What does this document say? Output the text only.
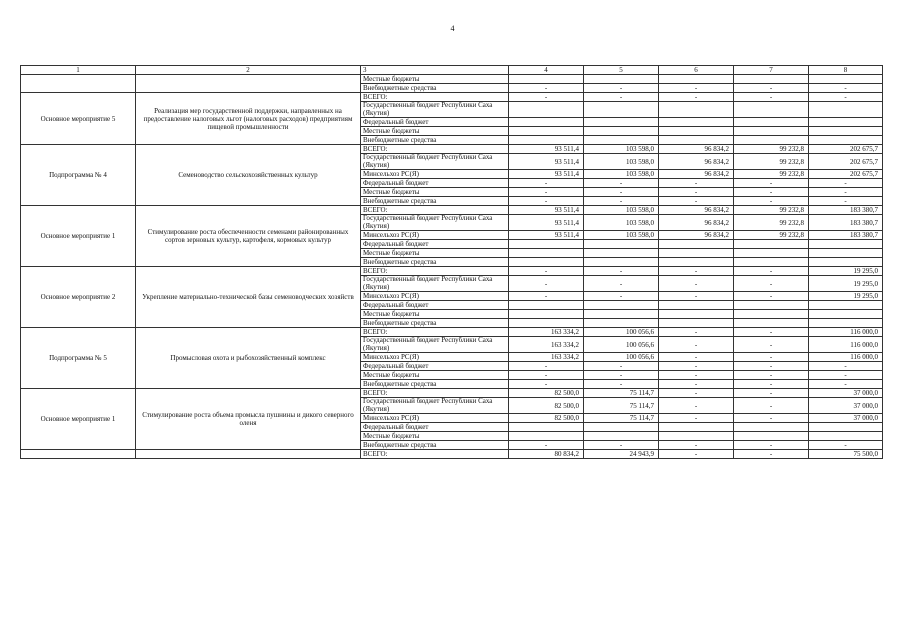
4
1	2	3	4	5	6	7	8
		Местные бюджеты					
		Внебюджетные средства	-	-	-	-	-
Основное мероприятие 5	Реализация мер государственной поддержки, направленных на предоставление налоговых льгот (налоговых расходов) предприятиям пищевой промышленности	ВСЕГО:	-	-	-	-	-
		Государственный бюджет Республики Саха (Якутия)					
		Федеральный бюджет					
		Местные бюджеты					
		Внебюджетные средства					
Подпрограмма № 4	Семеноводство сельскохозяйственных культур	ВСЕГО:	93 511,4	103 598,0	96 834,2	99 232,8	202 675,7
		Государственный бюджет Республики Саха (Якутия)	93 511,4	103 598,0	96 834,2	99 232,8	202 675,7
		Минсельхоз РС(Я)	93 511,4	103 598,0	96 834,2	99 232,8	202 675,7
		Федеральный бюджет	-	-	-	-	-
		Местные бюджеты	-	-	-	-	-
		Внебюджетные средства	-	-	-	-	-
Основное мероприятие 1	Стимулирование роста обеспеченности семенами районированных сортов зерновых культур, картофеля, кормовых культур	ВСЕГО:	93 511,4	103 598,0	96 834,2	99 232,8	183 380,7
		Государственный бюджет Республики Саха (Якутия)	93 511,4	103 598,0	96 834,2	99 232,8	183 380,7
		Минсельхоз РС(Я)	93 511,4	103 598,0	96 834,2	99 232,8	183 380,7
		Федеральный бюджет					
		Местные бюджеты					
		Внебюджетные средства					
Основное мероприятие 2	Укрепление материально-технической базы семеноводческих хозяйств	ВСЕГО:	-	-	-	-	19 295,0
		Государственный бюджет Республики Саха (Якутия)	-	-	-	-	19 295,0
		Минсельхоз РС(Я)	-	-	-	-	19 295,0
		Федеральный бюджет					
		Местные бюджеты					
		Внебюджетные средства					
Подпрограмма № 5	Промысловая охота и рыбохозяйственный комплекс	ВСЕГО:	163 334,2	100 056,6	-	-	116 000,0
		Государственный бюджет Республики Саха (Якутия)	163 334,2	100 056,6	-	-	116 000,0
		Минсельхоз РС(Я)	163 334,2	100 056,6	-	-	116 000,0
		Федеральный бюджет	-	-	-	-	-
		Местные бюджеты	-	-	-	-	-
		Внебюджетные средства	-	-	-	-	-
Основное мероприятие 1	Стимулирование роста объема промысла пушнины и дикого северного оленя	ВСЕГО:	82 500,0	75 114,7	-	-	37 000,0
		Государственный бюджет Республики Саха (Якутия)	82 500,0	75 114,7	-	-	37 000,0
		Минсельхоз РС(Я)	82 500,0	75 114,7	-	-	37 000,0
		Федеральный бюджет					
		Местные бюджеты					
		Внебюджетные средства	-	-	-	-	-
		ВСЕГО:	80 834,2	24 943,9	-	-	75 500,0
